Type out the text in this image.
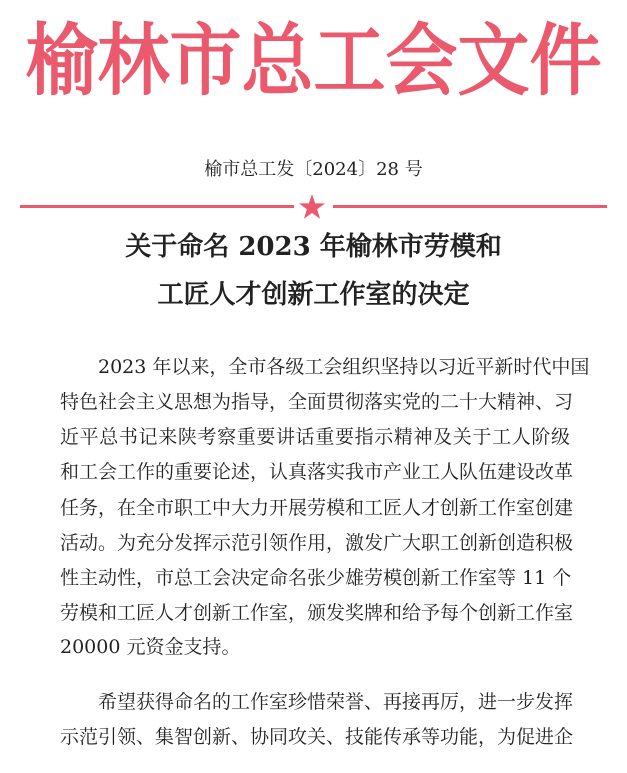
榆林市总工会文件
榆市总工发〔2024〕28 号
关于命名 2023 年榆林市劳模和
工匠人才创新工作室的决定
2023 年以来，全市各级工会组织坚持以习近平新时代中国
特色社会主义思想为指导，全面贯彻落实党的二十大精神、习
近平总书记来陕考察重要讲话重要指示精神及关于工人阶级
和工会工作的重要论述，认真落实我市产业工人队伍建设改革
任务，在全市职工中大力开展劳模和工匠人才创新工作室创建
活动。为充分发挥示范引领作用，激发广大职工创新创造积极
性主动性，市总工会决定命名张少雄劳模创新工作室等 11 个
劳模和工匠人才创新工作室，颁发奖牌和给予每个创新工作室
20000 元资金支持。
希望获得命名的工作室珍惜荣誉、再接再厉，进一步发挥
示范引领、集智创新、协同攻关、技能传承等功能，为促进企
